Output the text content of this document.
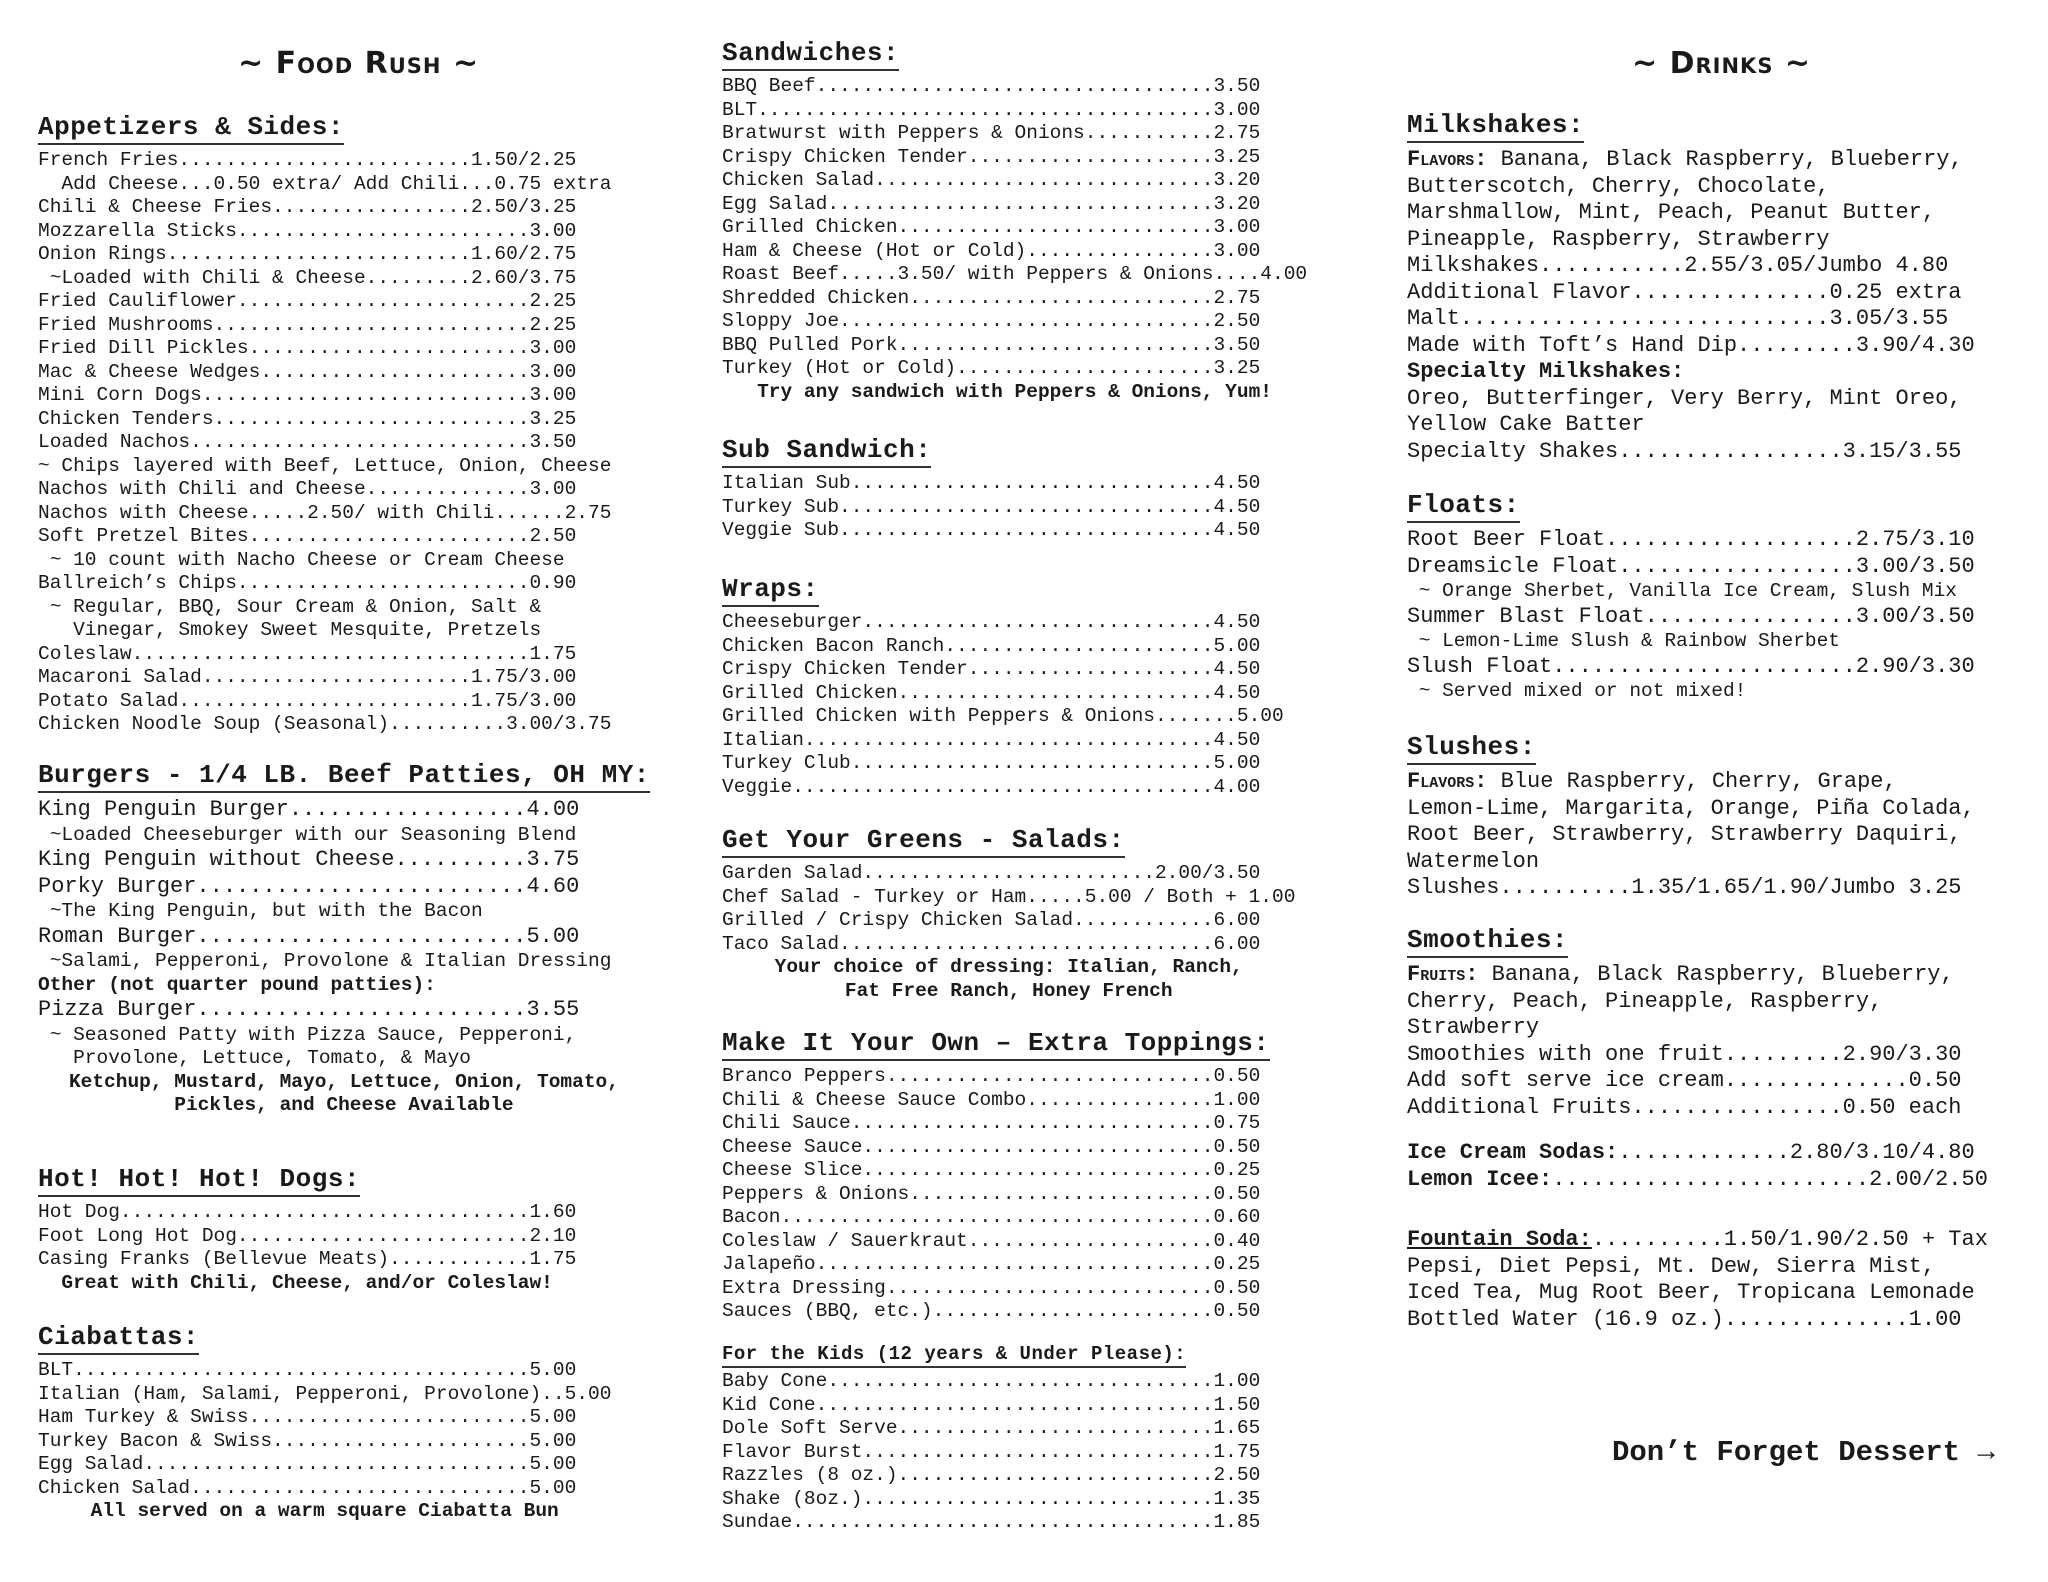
~ Food Rush ~
Appetizers & Sides:
French Fries.........................1.50/2.25
Add Cheese...0.50 extra/ Add Chili...0.75 extra
Chili & Cheese Fries.................2.50/3.25
Mozzarella Sticks.........................3.00
Onion Rings..........................1.60/2.75
~Loaded with Chili & Cheese.........2.60/3.75
Fried Cauliflower.........................2.25
Fried Mushrooms...........................2.25
Fried Dill Pickles........................3.00
Mac & Cheese Wedges.......................3.00
Mini Corn Dogs............................3.00
Chicken Tenders...........................3.25
Loaded Nachos.............................3.50
~ Chips layered with Beef, Lettuce, Onion, Cheese
Nachos with Chili and Cheese..............3.00
Nachos with Cheese.....2.50/ with Chili......2.75
Soft Pretzel Bites........................2.50
~ 10 count with Nacho Cheese or Cream Cheese
Ballreich’s Chips.........................0.90
~ Regular, BBQ, Sour Cream & Onion, Salt &
Vinegar, Smokey Sweet Mesquite, Pretzels
Coleslaw..................................1.75
Macaroni Salad.......................1.75/3.00
Potato Salad.........................1.75/3.00
Chicken Noodle Soup (Seasonal)..........3.00/3.75
Burgers - 1/4 LB. Beef Patties, OH MY:
King Penguin Burger..................4.00
~Loaded Cheeseburger with our Seasoning Blend
King Penguin without Cheese..........3.75
Porky Burger.........................4.60
~The King Penguin, but with the Bacon
Roman Burger.........................5.00
~Salami, Pepperoni, Provolone & Italian Dressing
Other (not quarter pound patties):
Pizza Burger.........................3.55
~ Seasoned Patty with Pizza Sauce, Pepperoni,
Provolone, Lettuce, Tomato, & Mayo
Ketchup, Mustard, Mayo, Lettuce, Onion, Tomato,
Pickles, and Cheese Available
Hot! Hot! Hot! Dogs:
Hot Dog...................................1.60
Foot Long Hot Dog.........................2.10
Casing Franks (Bellevue Meats)............1.75
Great with Chili, Cheese, and/or Coleslaw!
Ciabattas:
BLT.......................................5.00
Italian (Ham, Salami, Pepperoni, Provolone)..5.00
Ham Turkey & Swiss........................5.00
Turkey Bacon & Swiss......................5.00
Egg Salad.................................5.00
Chicken Salad.............................5.00
All served on a warm square Ciabatta Bun
Sandwiches:
BBQ Beef..................................3.50
BLT.......................................3.00
Bratwurst with Peppers & Onions...........2.75
Crispy Chicken Tender.....................3.25
Chicken Salad.............................3.20
Egg Salad.................................3.20
Grilled Chicken...........................3.00
Ham & Cheese (Hot or Cold)................3.00
Roast Beef.....3.50/ with Peppers & Onions....4.00
Shredded Chicken..........................2.75
Sloppy Joe................................2.50
BBQ Pulled Pork...........................3.50
Turkey (Hot or Cold)......................3.25
Try any sandwich with Peppers & Onions, Yum!
Sub Sandwich:
Italian Sub...............................4.50
Turkey Sub................................4.50
Veggie Sub................................4.50
Wraps:
Cheeseburger..............................4.50
Chicken Bacon Ranch.......................5.00
Crispy Chicken Tender.....................4.50
Grilled Chicken...........................4.50
Grilled Chicken with Peppers & Onions.......5.00
Italian...................................4.50
Turkey Club...............................5.00
Veggie....................................4.00
Get Your Greens - Salads:
Garden Salad.........................2.00/3.50
Chef Salad - Turkey or Ham.....5.00 / Both + 1.00
Grilled / Crispy Chicken Salad............6.00
Taco Salad................................6.00
Your choice of dressing: Italian, Ranch,
Fat Free Ranch, Honey French
Make It Your Own – Extra Toppings:
Branco Peppers............................0.50
Chili & Cheese Sauce Combo................1.00
Chili Sauce...............................0.75
Cheese Sauce..............................0.50
Cheese Slice..............................0.25
Peppers & Onions..........................0.50
Bacon.....................................0.60
Coleslaw / Sauerkraut.....................0.40
Jalapeño..................................0.25
Extra Dressing............................0.50
Sauces (BBQ, etc.)........................0.50
For the Kids (12 years & Under Please):
Baby Cone.................................1.00
Kid Cone..................................1.50
Dole Soft Serve...........................1.65
Flavor Burst..............................1.75
Razzles (8 oz.)...........................2.50
Shake (8oz.)..............................1.35
Sundae....................................1.85
~ Drinks ~
Milkshakes:
Flavors: Banana, Black Raspberry, Blueberry,
Butterscotch, Cherry, Chocolate,
Marshmallow, Mint, Peach, Peanut Butter,
Pineapple, Raspberry, Strawberry
Milkshakes...........2.55/3.05/Jumbo 4.80
Additional Flavor...............0.25 extra
Malt............................3.05/3.55
Made with Toft’s Hand Dip.........3.90/4.30
Specialty Milkshakes:
Oreo, Butterfinger, Very Berry, Mint Oreo,
Yellow Cake Batter
Specialty Shakes.................3.15/3.55
Floats:
Root Beer Float...................2.75/3.10
Dreamsicle Float..................3.00/3.50
~ Orange Sherbet, Vanilla Ice Cream, Slush Mix
Summer Blast Float................3.00/3.50
~ Lemon-Lime Slush & Rainbow Sherbet
Slush Float.......................2.90/3.30
~ Served mixed or not mixed!
Slushes:
Flavors: Blue Raspberry, Cherry, Grape,
Lemon-Lime, Margarita, Orange, Piña Colada,
Root Beer, Strawberry, Strawberry Daquiri,
Watermelon
Slushes..........1.35/1.65/1.90/Jumbo 3.25
Smoothies:
Fruits: Banana, Black Raspberry, Blueberry,
Cherry, Peach, Pineapple, Raspberry,
Strawberry
Smoothies with one fruit.........2.90/3.30
Add soft serve ice cream..............0.50
Additional Fruits................0.50 each
Ice Cream Sodas:.............2.80/3.10/4.80
Lemon Icee:........................2.00/2.50
Fountain Soda:..........1.50/1.90/2.50 + Tax
Pepsi, Diet Pepsi, Mt. Dew, Sierra Mist,
Iced Tea, Mug Root Beer, Tropicana Lemonade
Bottled Water (16.9 oz.)..............1.00
Don’t Forget Dessert →
